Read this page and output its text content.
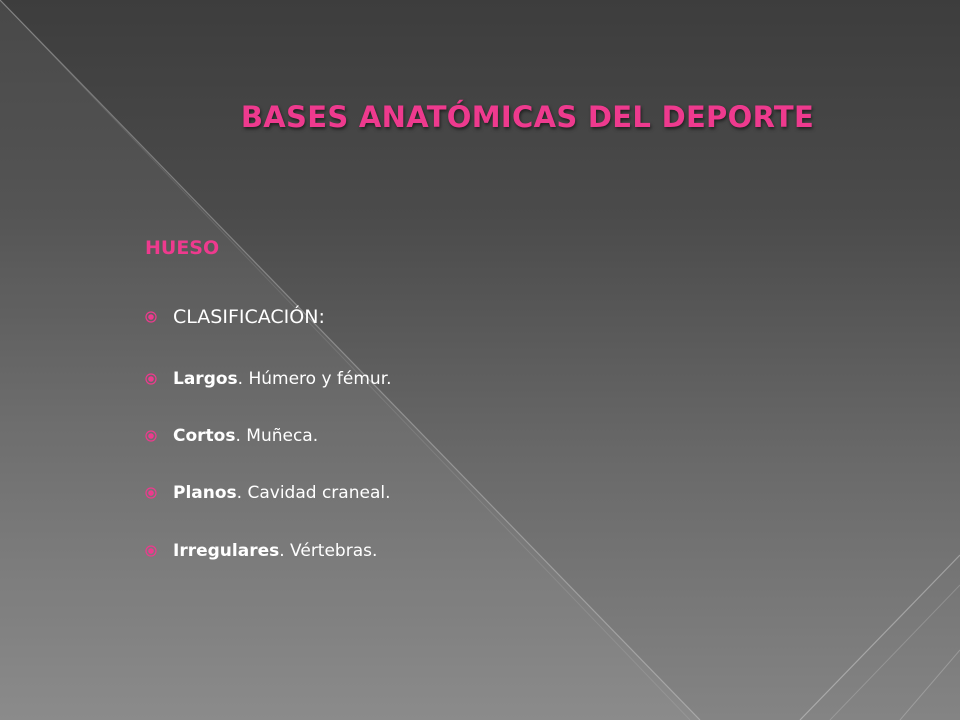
BASES ANATÓMICAS DEL DEPORTE
HUESO
CLASIFICACIÓN:
Largos . Húmero y fémur.
Cortos . Muñeca.
Planos . Cavidad craneal.
Irregulares . Vértebras.
